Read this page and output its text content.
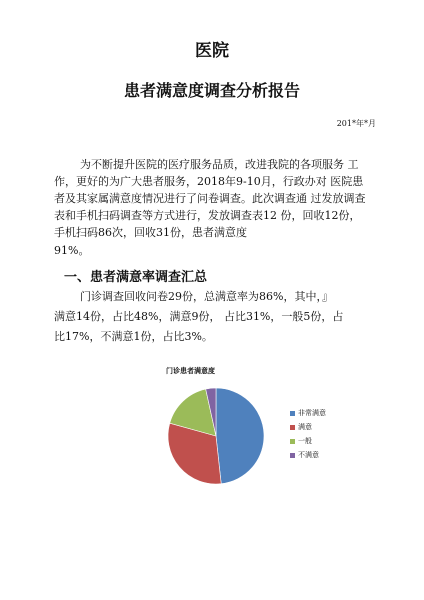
医院
患者满意度调查分析报告
201*年*月
为不断提升医院的医疗服务品质，改进我院的各项服务 工
作，更好的为广大患者服务，2018年9-10月，行政办对 医院患
者及其家属满意度情况进行了问卷调查。此次调查通 过发放调查
表和手机扫码调查等方式进行，发放调查表12 份，回收12份，
手机扫码86次，回收31份，患者满意度
91%。
一、患者满意率调查汇总
门诊调查回收问卷29份，总满意率为86%，其中，』
满意14份，占比48%，满意9份， 占比31%，一般5份，占
比17%，不满意1份，占比3%。
门诊患者满意度
非常满意
满意
一般
不满意
